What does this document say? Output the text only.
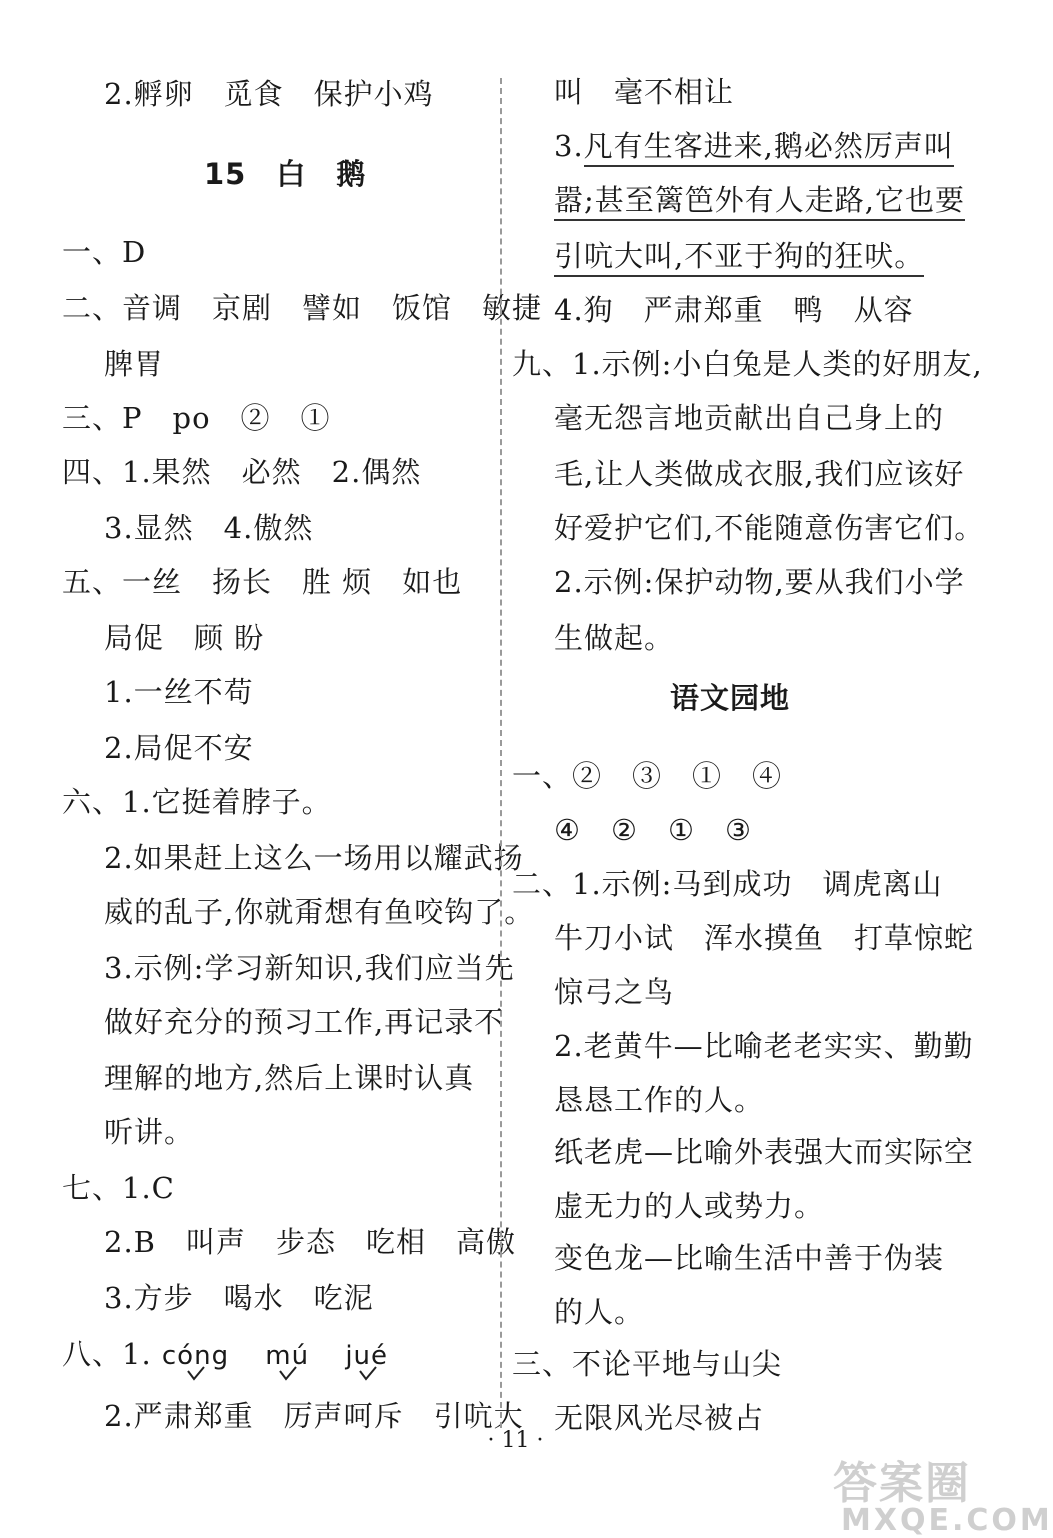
2.孵卵　觅食　保护小鸡
15　白　鹅
一、D
二、音调　京剧　譬如　饭馆　敏捷
脾胃
三、P　po　②　①
四、1.果然　必然　2.偶然
3.显然　4.傲然
五、一丝　扬长　胜 烦　如也
局促　顾 盼
1.一丝不苟
2.局促不安
六、1.它挺着脖子。
2.如果赶上这么一场用以耀武扬
威的乱子,你就甭想有鱼咬钩了。
3.示例:学习新知识,我们应当先
做好充分的预习工作,再记录不
理解的地方,然后上课时认真
听讲。
七、1.C
2.B　叫声　步态　吃相　高傲
3.方步　喝水　吃泥
八、1. cóng mú jué
2.严肃郑重　厉声呵斥　引吭大
叫　毫不相让
3.凡有生客进来,鹅必然厉声叫
嚣;甚至篱笆外有人走路,它也要
引吭大叫,不亚于狗的狂吠。
4.狗　严肃郑重　鸭　从容
九、1.示例:小白兔是人类的好朋友,
毫无怨言地贡献出自己身上的
毛,让人类做成衣服,我们应该好
好爱护它们,不能随意伤害它们。
2.示例:保护动物,要从我们小学
生做起。
语文园地
一、②　③　①　④
④　②　①　③
二、1.示例:马到成功　调虎离山
牛刀小试　浑水摸鱼　打草惊蛇
惊弓之鸟
2.老黄牛—比喻老老实实、勤勤
恳恳工作的人。
纸老虎—比喻外表强大而实际空
虚无力的人或势力。
变色龙—比喻生活中善于伪装
的人。
三、不论平地与山尖
无限风光尽被占
· 11 ·
答案圈
MXQE.COM
